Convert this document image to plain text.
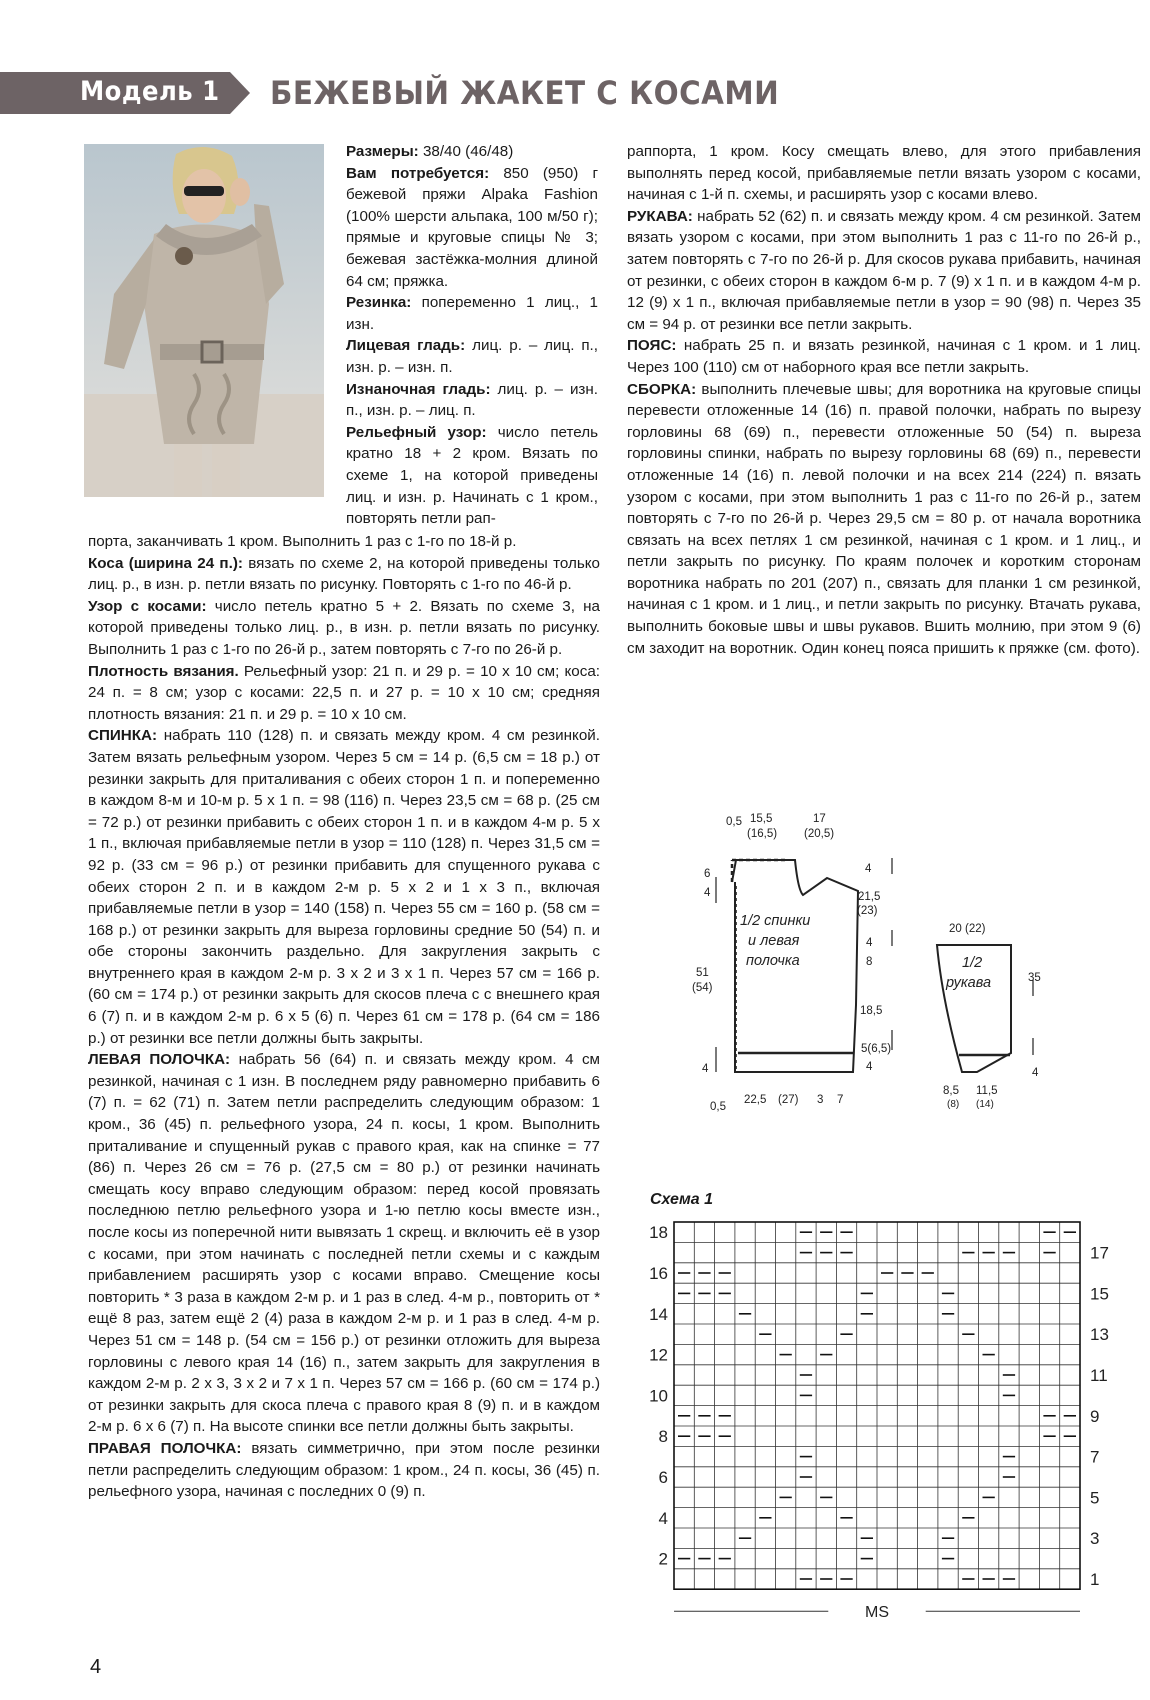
Модель 1 БЕЖЕВЫЙ ЖАКЕТ С КОСАМИ

Размеры: 38/40 (46/48)

Вам потребуется: 850 (950) г бежевой пряжи Alpaka Fashion (100% шерсти альпака, 100 м/50 г); прямые и круговые спицы № 3; бежевая застёжка-молния длиной 64 см; пряжка.

Резинка: попеременно 1 лиц., 1 изн.

Лицевая гладь: лиц. р. – лиц. п., изн. р. – изн. п.

Изнаночная гладь: лиц. р. – изн. п., изн. р. – лиц. п.

Рельефный узор: число петель кратно 18 + 2 кром. Вязать по схеме 1, на которой приведены лиц. и изн. р. Начинать с 1 кром., повторять петли рап-

порта, заканчивать 1 кром. Выполнить 1 раз с 1-го по 18-й р.

Коса (ширина 24 п.): вязать по схеме 2, на которой приведены только лиц. р., в изн. р. петли вязать по рисунку. Повторять с 1-го по 46-й р.

Узор с косами: число петель кратно 5 + 2. Вязать по схеме 3, на которой приведены только лиц. р., в изн. р. петли вязать по рисунку. Выполнить 1 раз с 1-го по 26-й р., затем повторять с 7-го по 26-й р.

Плотность вязания. Рельефный узор: 21 п. и 29 р. = 10 х 10 см; коса: 24 п. = 8 см; узор с косами: 22,5 п. и 27 р. = 10 х 10 см; средняя плотность вязания: 21 п. и 29 р. = 10 х 10 см.

СПИНКА: набрать 110 (128) п. и связать между кром. 4 см резинкой. Затем вязать рельефным узором. Через 5 см = 14 р. (6,5 см = 18 р.) от резинки закрыть для приталивания с обеих сторон 1 п. и попеременно в каждом 8-м и 10-м р. 5 х 1 п. = 98 (116) п. Через 23,5 см = 68 р. (25 см = 72 р.) от резинки прибавить с обеих сторон 1 п. и в каждом 4-м р. 5 х 1 п., включая прибавляемые петли в узор = 110 (128) п. Через 31,5 см = 92 р. (33 см = 96 р.) от резинки прибавить для спущенного рукава с обеих сторон 2 п. и в каждом 2-м р. 5 х 2 и 1 х 3 п., включая прибавляемые петли в узор = 140 (158) п. Через 55 см = 160 р. (58 см = 168 р.) от резинки закрыть для выреза горловины средние 50 (54) п. и обе стороны закончить раздельно. Для закругления закрыть с внутреннего края в каждом 2-м р. 3 х 2 и 3 х 1 п. Через 57 см = 166 р. (60 см = 174 р.) от резинки закрыть для скосов плеча с с внешнего края 6 (7) п. и в каждом 2-м р. 6 х 5 (6) п. Через 61 см = 178 р. (64 см = 186 р.) от резинки все петли должны быть закрыты.

ЛЕВАЯ ПОЛОЧКА: набрать 56 (64) п. и связать между кром. 4 см резинкой, начиная с 1 изн. В последнем ряду равномерно прибавить 6 (7) п. = 62 (71) п. Затем петли распределить следующим образом: 1 кром., 36 (45) п. рельефного узора, 24 п. косы, 1 кром. Выполнить приталивание и спущенный рукав с правого края, как на спинке = 77 (86) п. Через 26 см = 76 р. (27,5 см = 80 р.) от резинки начинать смещать косу вправо следующим образом: перед косой провязать последнюю петлю рельефного узора и 1-ю петлю косы вместе изн., после косы из поперечной нити вывязать 1 скрещ. и включить её в узор с косами, при этом начинать с последней петли схемы и с каждым прибавлением расширять узор с косами вправо. Смещение косы повторить * 3 раза в каждом 2-м р. и 1 раз в след. 4-м р., повторить от * ещё 8 раз, затем ещё 2 (4) раза в каждом 2-м р. и 1 раз в след. 4-м р. Через 51 см = 148 р. (54 см = 156 р.) от резинки отложить для выреза горловины с левого края 14 (16) п., затем закрыть для закругления в каждом 2-м р. 2 х 3, 3 х 2 и 7 х 1 п. Через 57 см = 166 р. (60 см = 174 р.) от резинки закрыть для скоса плеча с правого края 8 (9) п. и в каждом 2-м р. 6 х 6 (7) п. На высоте спинки все петли должны быть закрыты.

ПРАВАЯ ПОЛОЧКА: вязать симметрично, при этом после резинки петли распределить следующим образом: 1 кром., 24 п. косы, 36 (45) п. рельефного узора, начиная с последних 0 (9) п.

раппорта, 1 кром. Косу смещать влево, для этого прибавления выполнять перед косой, прибавляемые петли вязать узором с косами, начиная с 1-й п. схемы, и расширять узор с косами влево.

РУКАВА: набрать 52 (62) п. и связать между кром. 4 см резинкой. Затем вязать узором с косами, при этом выполнить 1 раз с 11-го по 26-й р., затем повторять с 7-го по 26-й р. Для скосов рукава прибавить, начиная от резинки, с обеих сторон в каждом 6-м р. 7 (9) х 1 п. и в каждом 4-м р. 12 (9) х 1 п., включая прибавляемые петли в узор = 90 (98) п. Через 35 см = 94 р. от резинки все петли закрыть.

ПОЯС: набрать 25 п. и вязать резинкой, начиная с 1 кром. и 1 лиц. Через 100 (110) см от наборного края все петли закрыть.

СБОРКА: выполнить плечевые швы; для воротника на круговые спицы перевести отложенные 14 (16) п. правой полочки, набрать по вырезу горловины 68 (69) п., перевести отложенные 50 (54) п. выреза горловины спинки, набрать по вырезу горловины 68 (69) п., перевести отложенные 14 (16) п. левой полочки и на всех 214 (224) п. вязать узором с косами, при этом выполнить 1 раз с 11-го по 26-й р., затем повторять с 7-го по 26-й р. Через 29,5 см = 80 р. от начала воротника связать на всех петлях 1 см резинкой, начиная с 1 кром. и 1 лиц., и петли закрыть по рисунку. По краям полочек и коротким сторонам воротника набрать по 201 (207) п., связать для планки 1 см резинкой, начиная с 1 кром. и 1 лиц., и петли закрыть по рисунку. Втачать рукава, выполнить боковые швы и швы рукавов. Вшить молнию, при этом 9 (6) см заходит на воротник. Один конец пояса пришить к пряжке (см. фото).

0,5 15,5
(16,5)
17
(20,5)
6
4
4
21,5
(23)
4
8
51
(54)
18,5
5(6,5)
4
4
0,5
22,5 (27) 3 7
20 (22)
35
4
8,5
(8)
11,5
(14)
1/2 спинки
и левая
полочка	1/2
рукава
Схема 1
18
16
14
12
10
8
6
4
2
17
15
13
11
9
7
5
3
1
MS
4
